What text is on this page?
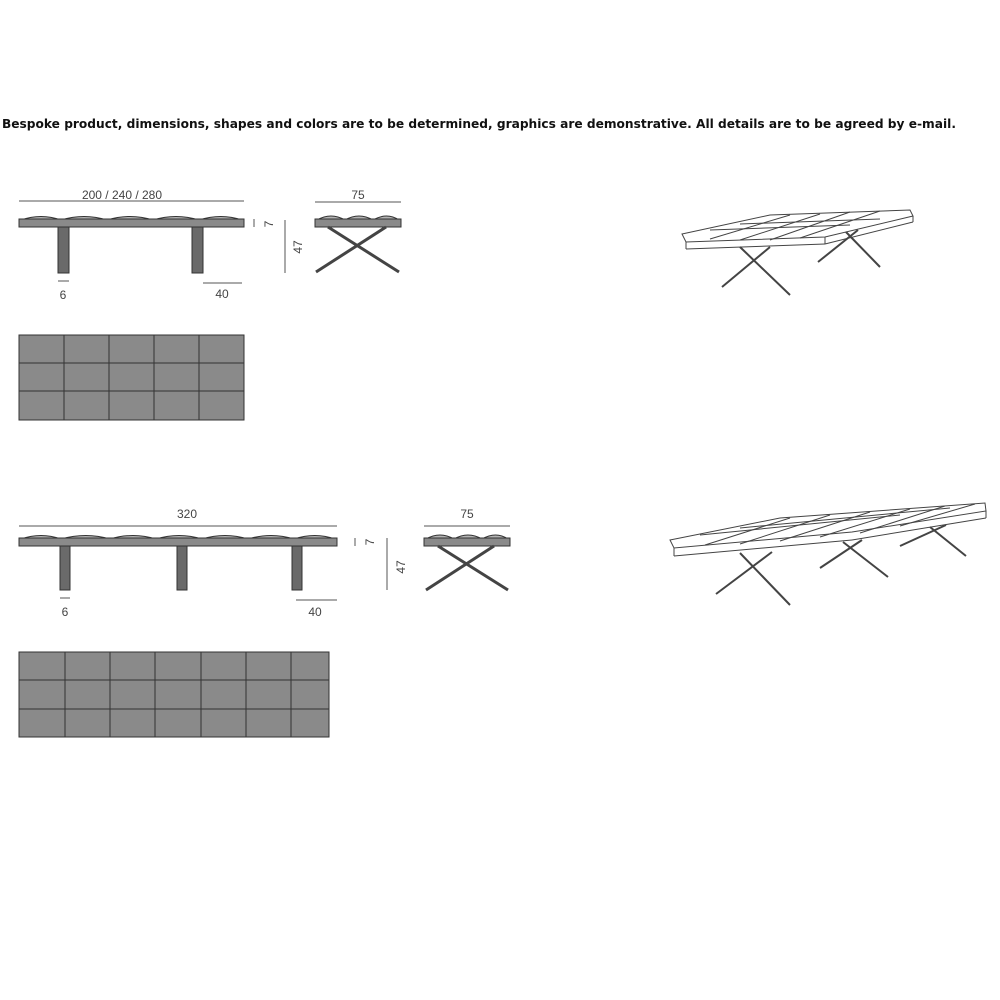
Bespoke product, dimensions, shapes and colors are to be determined, graphics are demonstrative. All details are to be agreed by e-mail.
200 / 240 / 280
6	40
7
47
75
320
6	40
7
47
75
